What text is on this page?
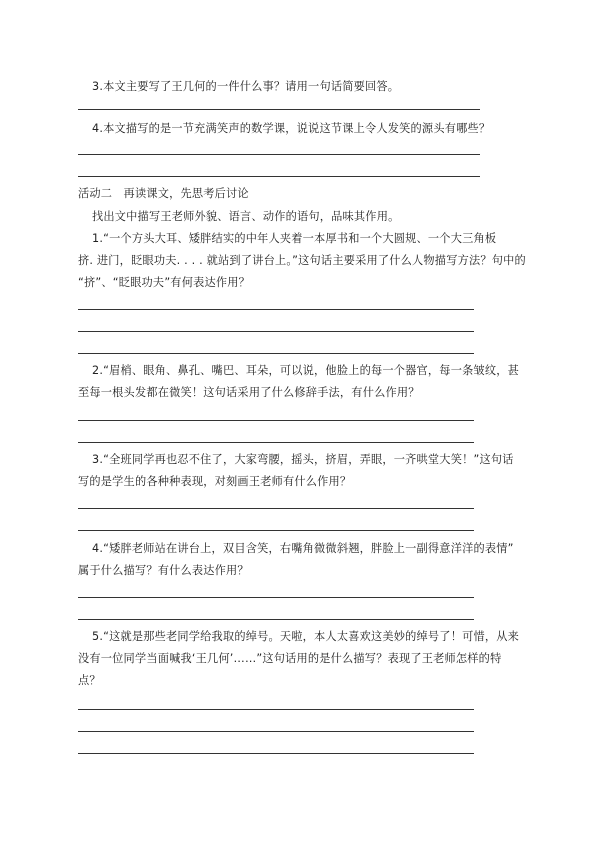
3.本文主要写了王几何的一件什么事？请用一句话简要回答。
4.本文描写的是一节充满笑声的数学课，说说这节课上令人发笑的源头有哪些？
活动二　再读课文，先思考后讨论
找出文中描写王老师外貌、语言、动作的语句，品味其作用。
1.“一个方头大耳、矮胖结实的中年人夹着一本厚书和一个大圆规、一个大三角板
挤. 进门，眨眼功夫. . . . 就站到了讲台上。”这句话主要采用了什么人物描写方法？句中的
“挤”、“眨眼功夫”有何表达作用？
2.“眉梢、眼角、鼻孔、嘴巴、耳朵，可以说，他脸上的每一个器官，每一条皱纹，甚
至每一根头发都在微笑！这句话采用了什么修辞手法，有什么作用？
3.“全班同学再也忍不住了，大家弯腰，摇头，挤眉，弄眼，一齐哄堂大笑！”这句话
写的是学生的各种种表现，对刻画王老师有什么作用？
4.“矮胖老师站在讲台上，双目含笑，右嘴角微微斜翘，胖脸上一副得意洋洋的表情”
属于什么描写？有什么表达作用？
5.“这就是那些老同学给我取的绰号。天啦，本人太喜欢这美妙的绰号了！可惜，从来
没有一位同学当面喊我‘王几何’……”这句话用的是什么描写？表现了王老师怎样的特
点？
